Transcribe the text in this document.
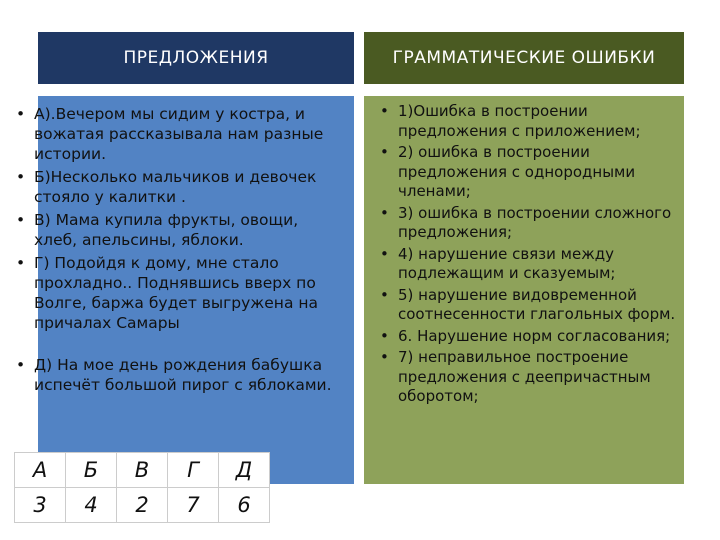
ПРЕДЛОЖЕНИЯ	ГРАММАТИЧЕСКИЕ ОШИБКИ
• А).Вечером мы сидим у костра, и вожатая рассказывала нам разные истории.
• Б)Несколько мальчиков и девочек стояло у калитки .
• В) Мама купила фрукты, овощи, хлеб, апельсины, яблоки.
• Г) Подойдя к дому, мне стало прохладно.. Поднявшись вверх по Волге, баржа будет выгружена на причалах Самары
• Д) На мое день рождения бабушка испечёт большой пирог с яблоками.
• 1)Ошибка в построении предложения с приложением;
• 2) ошибка в построении предложения с однородными членами;
• 3) ошибка в построении сложного предложения;
• 4) нарушение связи между подлежащим и сказуемым;
• 5) нарушение видовременной соотнесенности глагольных форм.
• 6. Нарушение норм согласования;
• 7) неправильное построение предложения с деепричастным оборотом;
А	Б	В	Г	Д
3	4	2	7	6
